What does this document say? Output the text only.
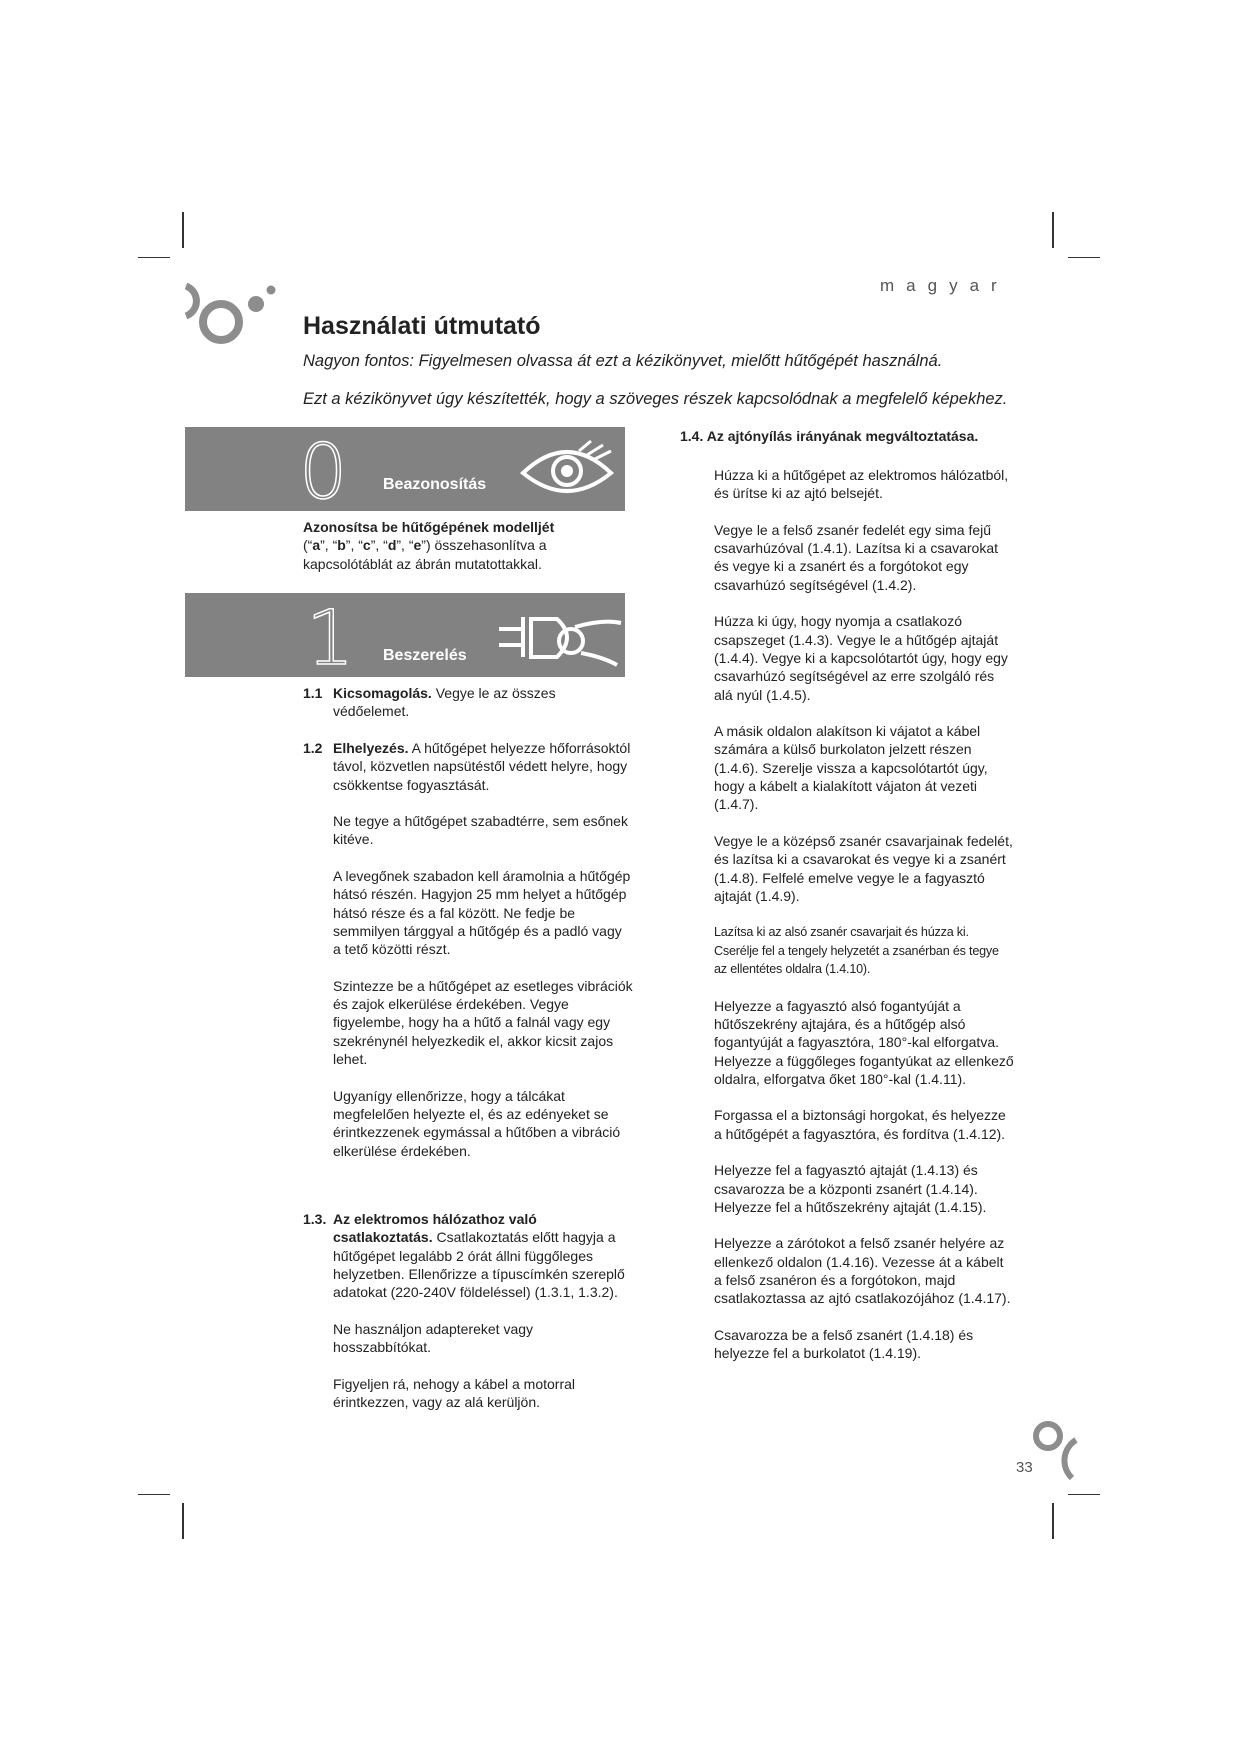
magyar
Használati útmutató
Nagyon fontos: Figyelmesen olvassa át ezt a kézikönyvet, mielőtt hűtőgépét használná.
Ezt a kézikönyvet úgy készítették, hogy a szöveges részek kapcsolódnak a megfelelő képekhez.
0 Beazonosítás
Azonosítsa be hűtőgépének modelljét
(“a”, “b”, “c”, “d”, “e”) összehasonlítva a kapcsolótáblát az ábrán mutatottakkal.
1 Beszerelés
1.1 Kicsomagolás. Vegye le az összes védőelemet.
1.2 Elhelyezés. A hűtőgépet helyezze hőforrásoktól távol, közvetlen napsütéstől védett helyre, hogy csökkentse fogyasztását.

Ne tegye a hűtőgépet szabadtérre, sem esőnek kitéve.

A levegőnek szabadon kell áramolnia a hűtőgép hátsó részén. Hagyjon 25 mm helyet a hűtőgép hátsó része és a fal között. Ne fedje be semmilyen tárggyal a hűtőgép és a padló vagy a tető közötti részt.

Szintezze be a hűtőgépet az esetleges vibrációk és zajok elkerülése érdekében. Vegye figyelembe, hogy ha a hűtő a falnál vagy egy szekrénynél helyezkedik el, akkor kicsit zajos lehet.

Ugyanígy ellenőrizze, hogy a tálcákat megfelelően helyezte el, és az edényeket se érintkezzenek egymással a hűtőben a vibráció elkerülése érdekében.

1.3. Az elektromos hálózathoz való csatlakoztatás. Csatlakoztatás előtt hagyja a hűtőgépet legalább 2 órát állni függőleges helyzetben. Ellenőrizze a típuscímkén szereplő adatokat (220-240V földeléssel) (1.3.1, 1.3.2).

Ne használjon adaptereket vagy hosszabbítókat.

Figyeljen rá, nehogy a kábel a motorral érintkezzen, vagy az alá kerüljön.

1.4. Az ajtónyílás irányának megváltoztatása.

Húzza ki a hűtőgépet az elektromos hálózatból, és ürítse ki az ajtó belsejét.

Vegye le a felső zsanér fedelét egy sima fejű csavarhúzóval (1.4.1). Lazítsa ki a csavarokat és vegye ki a zsanért és a forgótokot egy csavarhúzó segítségével (1.4.2).

Húzza ki úgy, hogy nyomja a csatlakozó csapszeget (1.4.3). Vegye le a hűtőgép ajtaját (1.4.4). Vegye ki a kapcsolótartót úgy, hogy egy csavarhúzó segítségével az erre szolgáló rés alá nyúl (1.4.5).

A másik oldalon alakítson ki vájatot a kábel számára a külső burkolaton jelzett részen (1.4.6). Szerelje vissza a kapcsolótartót úgy, hogy a kábelt a kialakított vájaton át vezeti (1.4.7).

Vegye le a középső zsanér csavarjainak fedelét, és lazítsa ki a csavarokat és vegye ki a zsanért (1.4.8). Felfelé emelve vegye le a fagyasztó ajtaját (1.4.9).

Lazítsa ki az alsó zsanér csavarjait és húzza ki. Cserélje fel a tengely helyzetét a zsanérban és tegye az ellentétes oldalra (1.4.10).

Helyezze a fagyasztó alsó fogantyúját a hűtőszekrény ajtajára, és a hűtőgép alsó fogantyúját a fagyasztóra, 180°-kal elforgatva. Helyezze a függőleges fogantyúkat az ellenkező oldalra, elforgatva őket 180°-kal (1.4.11).

Forgassa el a biztonsági horgokat, és helyezze a hűtőgépét a fagyasztóra, és fordítva (1.4.12).

Helyezze fel a fagyasztó ajtaját (1.4.13) és csavarozza be a központi zsanért (1.4.14). Helyezze fel a hűtőszekrény ajtaját (1.4.15).

Helyezze a zárótokot a felső zsanér helyére az ellenkező oldalon (1.4.16). Vezesse át a kábelt a felső zsanéron és a forgótokon, majd csatlakoztassa az ajtó csatlakozójához (1.4.17).

Csavarozza be a felső zsanért (1.4.18) és helyezze fel a burkolatot (1.4.19).

33
